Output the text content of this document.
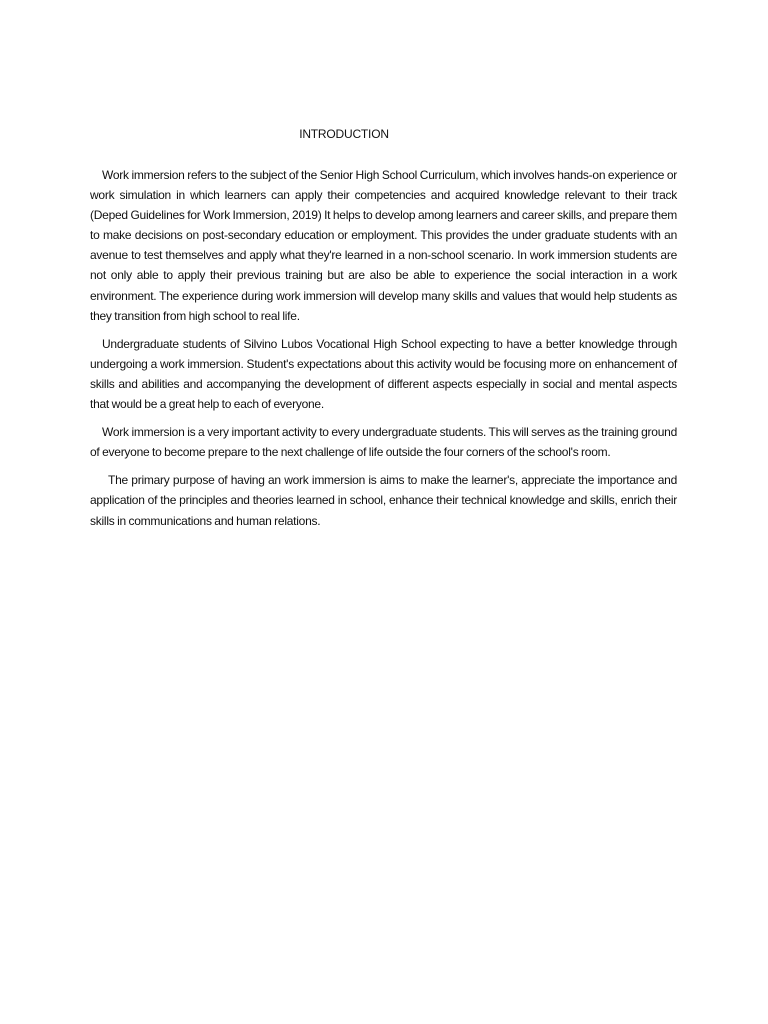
INTRODUCTION

Work immersion refers to the subject of the Senior High School Curriculum, which involves hands-on experience or work simulation in which learners can apply their competencies and acquired knowledge relevant to their track (Deped Guidelines for Work Immersion, 2019) It helps to develop among learners and career skills, and prepare them to make decisions on post-secondary education or employment. This provides the under graduate students with an avenue to test themselves and apply what they're learned in a non-school scenario. In work immersion students are not only able to apply their previous training but are also be able to experience the social interaction in a work environment. The experience during work immersion will develop many skills and values that would help students as they transition from high school to real life.

Undergraduate students of Silvino Lubos Vocational High School expecting to have a better knowledge through undergoing a work immersion. Student's expectations about this activity would be focusing more on enhancement of skills and abilities and accompanying the development of different aspects especially in social and mental aspects that would be a great help to each of everyone.

Work immersion is a very important activity to every undergraduate students. This will serves as the training ground of everyone to become prepare to the next challenge of life outside the four corners of the school's room.

The primary purpose of having an work immersion is aims to make the learner's, appreciate the importance and application of the principles and theories learned in school, enhance their technical knowledge and skills, enrich their skills in communications and human relations.
